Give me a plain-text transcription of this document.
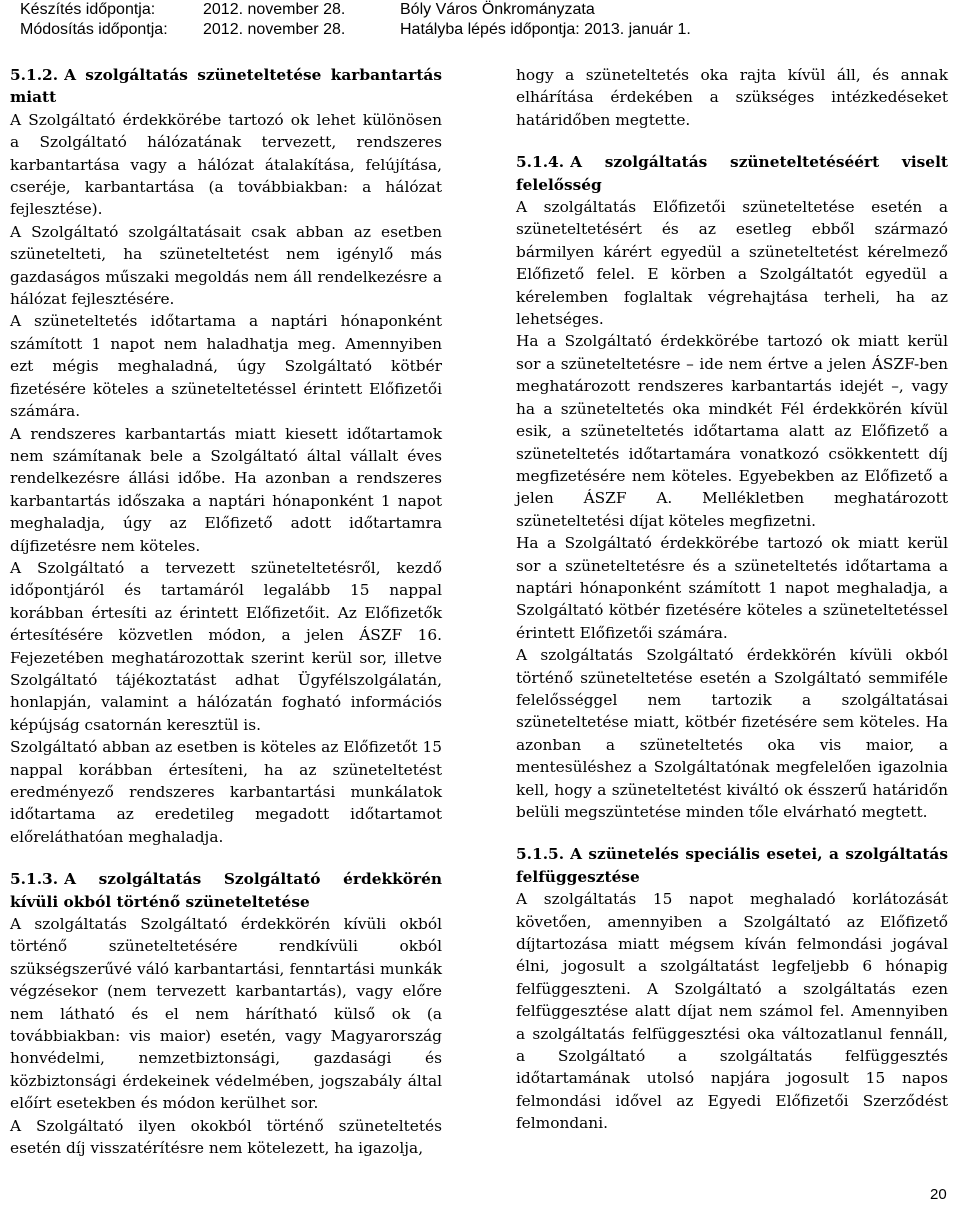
Készítés időpontja:	2012. november 28.	Bóly Város Önkrományzata
Módosítás időpontja: 2012. november 28.	Hatályba lépés időpontja: 2013. január 1.
5.1.2. A szolgáltatás szüneteltetése karbantartás miatt

A Szolgáltató érdekkörébe tartozó ok lehet különösen a Szolgáltató hálózatának tervezett, rendszeres karbantartása vagy a hálózat átalakítása, felújítása, cseréje, karbantartása (a továbbiakban: a hálózat fejlesztése).

A Szolgáltató szolgáltatásait csak abban az esetben szünetelteti, ha szüneteltetést nem igénylő más gazdaságos műszaki megoldás nem áll rendelkezésre a hálózat fejlesztésére.

A szüneteltetés időtartama a naptári hónaponként számított 1 napot nem haladhatja meg. Amennyiben ezt mégis meghaladná, úgy Szolgáltató kötbér fizetésére köteles a szüneteltetéssel érintett Előfizetői számára.

A rendszeres karbantartás miatt kiesett időtartamok nem számítanak bele a Szolgáltató által vállalt éves rendelkezésre állási időbe. Ha azonban a rendszeres karbantartás időszaka a naptári hónaponként 1 napot meghaladja, úgy az Előfizető adott időtartamra díjfizetésre nem köteles.

A Szolgáltató a tervezett szüneteltetésről, kezdő időpontjáról és tartamáról legalább 15 nappal korábban értesíti az érintett Előfizetőit. Az Előfizetők értesítésére közvetlen módon, a jelen ÁSZF 16. Fejezetében meghatározottak szerint kerül sor, illetve Szolgáltató tájékoztatást adhat Ügyfélszolgálatán, honlapján, valamint a hálózatán fogható információs képújság csatornán keresztül is.

Szolgáltató abban az esetben is köteles az Előfizetőt 15 nappal korábban értesíteni, ha az szüneteltetést eredményező rendszeres karbantartási munkálatok időtartama az eredetileg megadott időtartamot előreláthatóan meghaladja.

5.1.3. A szolgáltatás Szolgáltató érdekkörén kívüli okból történő szüneteltetése

A szolgáltatás Szolgáltató érdekkörén kívüli okból történő szüneteltetésére rendkívüli okból szükségszerűvé váló karbantartási, fenntartási munkák végzésekor (nem tervezett karbantartás), vagy előre nem látható és el nem hárítható külső ok (a továbbiakban: vis maior) esetén, vagy Magyarország honvédelmi, nemzetbiztonsági, gazdasági és közbiztonsági érdekeinek védelmében, jogszabály által előírt esetekben és módon kerülhet sor.

A Szolgáltató ilyen okokból történő szüneteltetés esetén díj visszatérítésre nem kötelezett, ha igazolja,

hogy a szüneteltetés oka rajta kívül áll, és annak elhárítása érdekében a szükséges intézkedéseket határidőben megtette.

5.1.4. A szolgáltatás szüneteltetéséért viselt felelősség

A szolgáltatás Előfizetői szüneteltetése esetén a szüneteltetésért és az esetleg ebből származó bármilyen kárért egyedül a szüneteltetést kérelmező Előfizető felel. E körben a Szolgáltatót egyedül a kérelemben foglaltak végrehajtása terheli, ha az lehetséges.

Ha a Szolgáltató érdekkörébe tartozó ok miatt kerül sor a szüneteltetésre – ide nem értve a jelen ÁSZF-ben meghatározott rendszeres karbantartás idejét –, vagy ha a szüneteltetés oka mindkét Fél érdekkörén kívül esik, a szüneteltetés időtartama alatt az Előfizető a szüneteltetés időtartamára vonatkozó csökkentett díj megfizetésére nem köteles. Egyebekben az Előfizető a jelen ÁSZF A. Mellékletben meghatározott szüneteltetési díjat köteles megfizetni.

Ha a Szolgáltató érdekkörébe tartozó ok miatt kerül sor a szüneteltetésre és a szüneteltetés időtartama a naptári hónaponként számított 1 napot meghaladja, a Szolgáltató kötbér fizetésére köteles a szüneteltetéssel érintett Előfizetői számára.

A szolgáltatás Szolgáltató érdekkörén kívüli okból történő szüneteltetése esetén a Szolgáltató semmiféle felelősséggel nem tartozik a szolgáltatásai szüneteltetése miatt, kötbér fizetésére sem köteles. Ha azonban a szüneteltetés oka vis maior, a mentesüléshez a Szolgáltatónak megfelelően igazolnia kell, hogy a szüneteltetést kiváltó ok ésszerű határidőn belüli megszüntetése minden tőle elvárható megtett.

5.1.5. A szünetelés speciális esetei, a szolgáltatás felfüggesztése

A szolgáltatás 15 napot meghaladó korlátozását követően, amennyiben a Szolgáltató az Előfizető díjtartozása miatt mégsem kíván felmondási jogával élni, jogosult a szolgáltatást legfeljebb 6 hónapig felfüggeszteni. A Szolgáltató a szolgáltatás ezen felfüggesztése alatt díjat nem számol fel. Amennyiben a szolgáltatás felfüggesztési oka változatlanul fennáll, a Szolgáltató a szolgáltatás felfüggesztés időtartamának utolsó napjára jogosult 15 napos felmondási idővel az Egyedi Előfizetői Szerződést felmondani.

20
